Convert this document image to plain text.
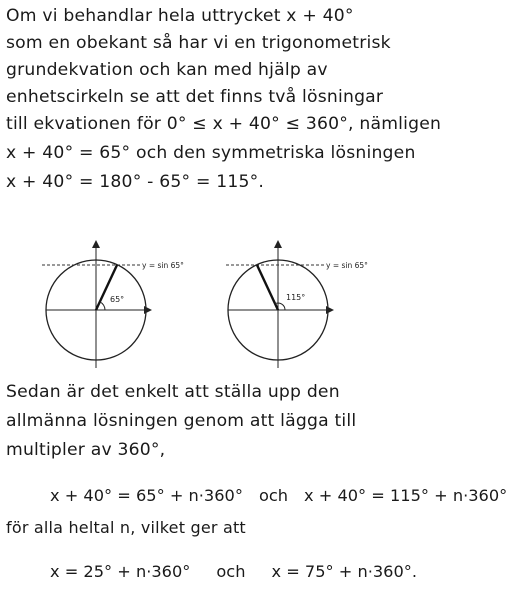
Om vi behandlar hela uttrycket x + 40°
som en obekant så har vi en trigonometrisk
grundekvation och kan med hjälp av
enhetscirkeln se att det finns två lösningar
till ekvationen för 0° ≤ x + 40° ≤ 360°, nämligen
x + 40° = 65° och den symmetriska lösningen
x + 40° = 180° - 65° = 115°.
65°
y = sin 65°
115°
y = sin 65°
Sedan är det enkelt att ställa upp den
allmänna lösningen genom att lägga till
multipler av 360°,
x + 40° = 65° + n·360° och x + 40° = 115° + n·360°
för alla heltal n, vilket ger att
x = 25° + n·360° och x = 75° + n·360°.
